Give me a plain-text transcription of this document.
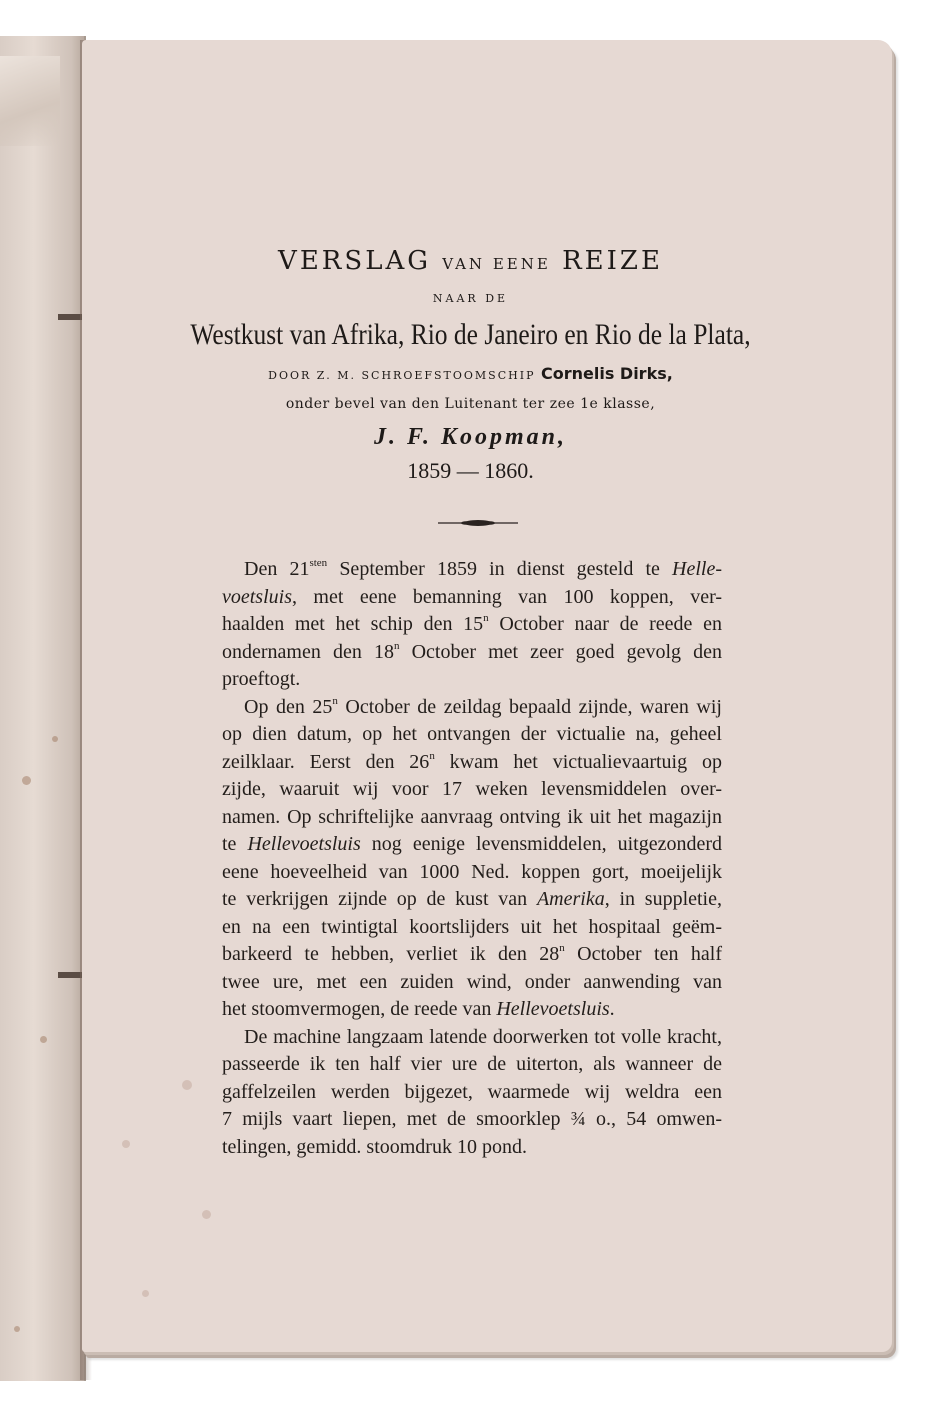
VERSLAG VAN EENE REIZE
NAAR DE
Westkust van Afrika, Rio de Janeiro en Rio de la Plata,
DOOR Z. M. SCHROEFSTOOMSCHIP Cornelis Dirks,
onder bevel van den Luitenant ter zee 1e klasse,
J. F. Koopman,
1859 — 1860.
Den $21^{sten}$ September 1859 in dienst gesteld te Helle-
voetsluis, met eene bemanning van 100 koppen, ver-
haalden met het schip den 15$^n$ October naar de reede en
ondernamen den 18$^n$ October met zeer goed gevolg den
proeftogt.
Op den 25$^n$ October de zeildag bepaald zijnde, waren wij
op dien datum, op het ontvangen der victualie na, geheel
zeilklaar. Eerst den 26$^n$ kwam het victualievaartuig op
zijde, waaruit wij voor 17 weken levensmiddelen over-
namen. Op schriftelijke aanvraag ontving ik uit het magazijn
te Hellevoetsluis nog eenige levensmiddelen, uitgezonderd
eene hoeveelheid van 1000 Ned. koppen gort, moeijelijk
te verkrijgen zijnde op de kust van Amerika, in suppletie,
en na een twintigtal koortslijders uit het hospitaal geëm-
barkeerd te hebben, verliet ik den 28$^n$ October ten half
twee ure, met een zuiden wind, onder aanwending van
het stoomvermogen, de reede van Hellevoetsluis.
De machine langzaam latende doorwerken tot volle kracht,
passeerde ik ten half vier ure de uiterton, als wanneer de
gaffelzeilen werden bijgezet, waarmede wij weldra een
7 mijls vaart liepen, met de smoorklep ¾ o., 54 omwen-
telingen, gemidd. stoomdruk 10 pond.
